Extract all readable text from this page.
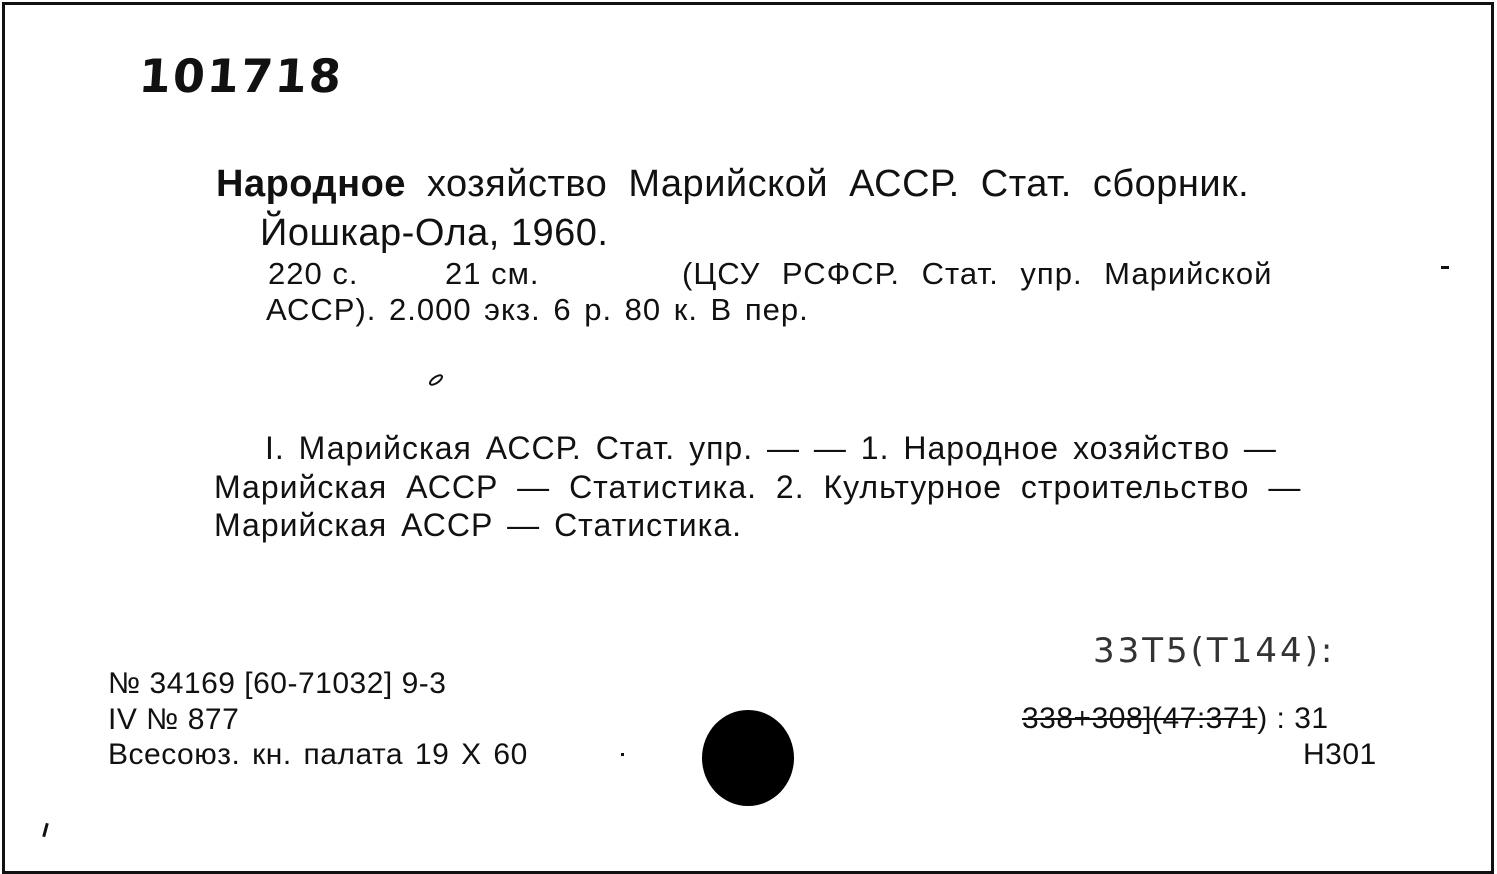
101718
Народное хозяйство Марийской АССР. Стат. сборник.
Йошкар-Ола, 1960.
220 с.	21 см.	(ЦСУ РСФСР. Стат. упр. Марийской
АССР). 2.000 экз. 6 р. 80 к. В пер.
I. Марийская АССР. Стат. упр. — — 1. Народное хозяйство —
Марийская АССР — Статистика. 2. Культурное строительство —
Марийская АССР — Статистика.
№ 34169 [60-71032] 9-3
IV № 877
Всесоюз. кн. палата 19 X 60
33Т5(Т144):
338+308](47:371) : 31
Н301
